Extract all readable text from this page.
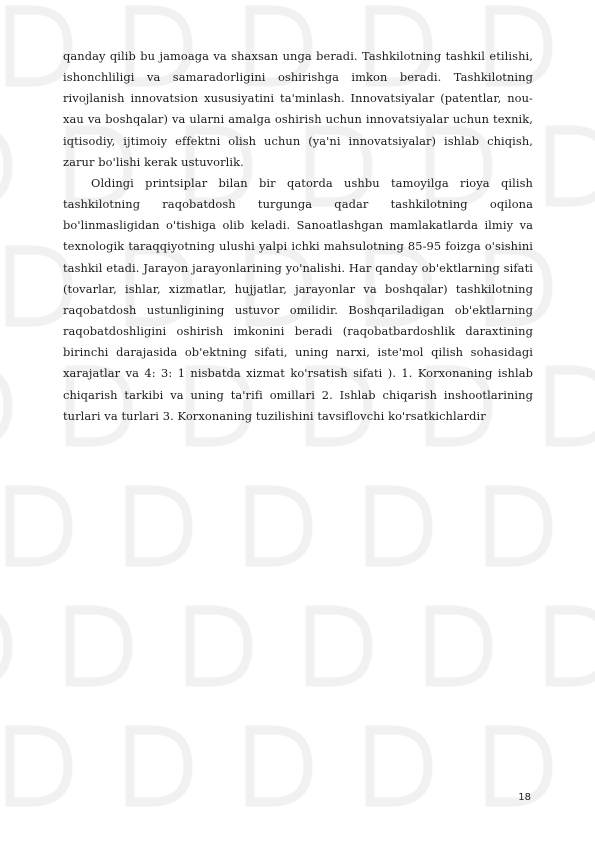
qanday qilib bu jamoaga va shaxsan unga beradi. Tashkilotning tashkil etilishi, ishonchliligi va samaradorligini oshirishga imkon beradi. Tashkilotning rivojlanish innovatsion xususiyatini ta'minlash. Innovatsiyalar (patentlar, nou-xau va boshqalar) va ularni amalga oshirish uchun innovatsiyalar uchun texnik, iqtisodiy, ijtimoiy effektni olish uchun (ya'ni innovatsiyalar) ishlab chiqish, zarur bo'lishi kerak ustuvorlik.

Oldingi printsiplar bilan bir qatorda ushbu tamoyilga rioya qilish tashkilotning raqobatdosh turgunga qadar tashkilotning oqilona bo'linmasligidan o'tishiga olib keladi. Sanoatlashgan mamlakatlarda ilmiy va texnologik taraqqiyotning ulushi yalpi ichki mahsulotning 85-95 foizga o'sishini tashkil etadi. Jarayon jarayonlarining yo'nalishi. Har qanday ob'ektlarning sifati (tovarlar, ishlar, xizmatlar, hujjatlar, jarayonlar va boshqalar) tashkilotning raqobatdosh ustunligining ustuvor omilidir. Boshqariladigan ob'ektlarning raqobatdoshligini oshirish imkonini beradi (raqobatbardoshlik daraxtining birinchi darajasida ob'ektning sifati, uning narxi, iste'mol qilish sohasidagi xarajatlar va 4: 3: 1 nisbatda xizmat ko'rsatish sifati ). 1. Korxonaning ishlab chiqarish tarkibi va uning ta'rifi omillari 2. Ishlab chiqarish inshootlarining turlari va turlari 3. Korxonaning tuzilishini tavsiflovchi ko'rsatkichlardir

18
